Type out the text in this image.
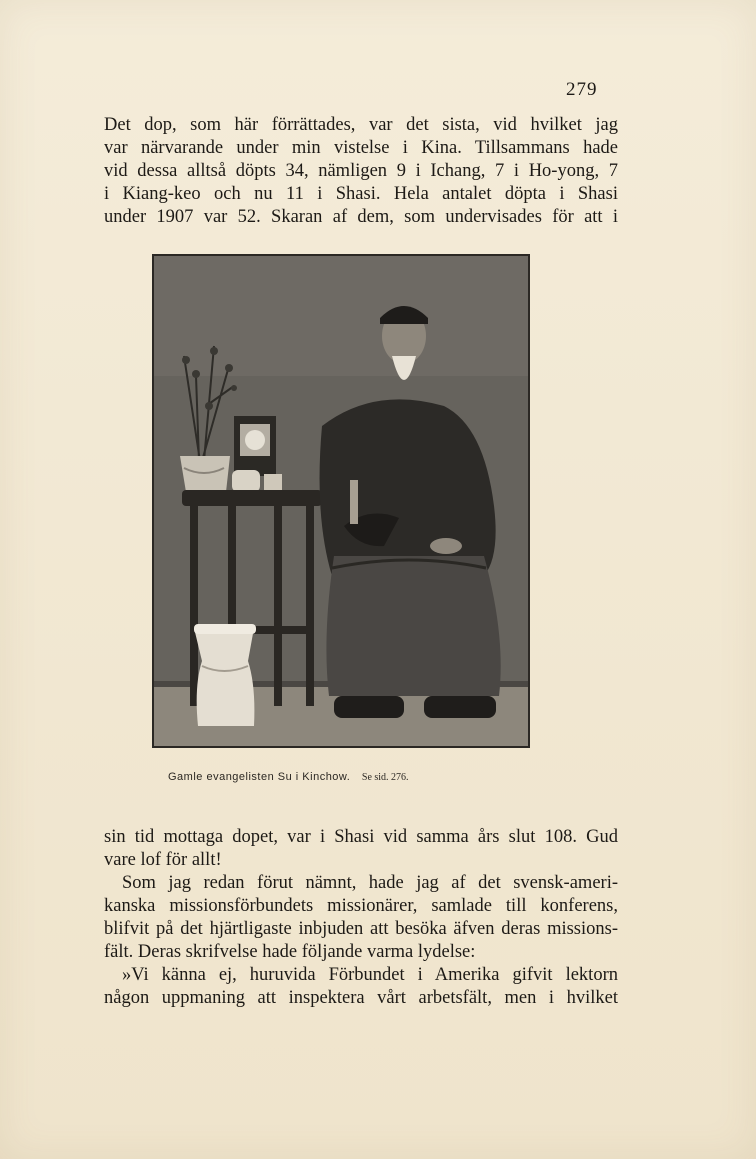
279
Det dop, som här förrättades, var det sista, vid hvilket jag
var närvarande under min vistelse i Kina. Tillsammans hade
vid dessa alltså döpts 34, nämligen 9 i Ichang, 7 i Ho-yong, 7
i Kiang-keo och nu 11 i Shasi. Hela antalet döpta i Shasi
under 1907 var 52. Skaran af dem, som undervisades för att i
Gamle evangelisten Su i Kinchow. Se sid. 276.
sin tid mottaga dopet, var i Shasi vid samma års slut 108. Gud
vare lof för allt!
Som jag redan förut nämnt, hade jag af det svensk-ameri-
kanska missionsförbundets missionärer, samlade till konferens,
blifvit på det hjärtligaste inbjuden att besöka äfven deras missions-
fält. Deras skrifvelse hade följande varma lydelse:
»Vi känna ej, huruvida Förbundet i Amerika gifvit lektorn
någon uppmaning att inspektera vårt arbetsfält, men i hvilket
